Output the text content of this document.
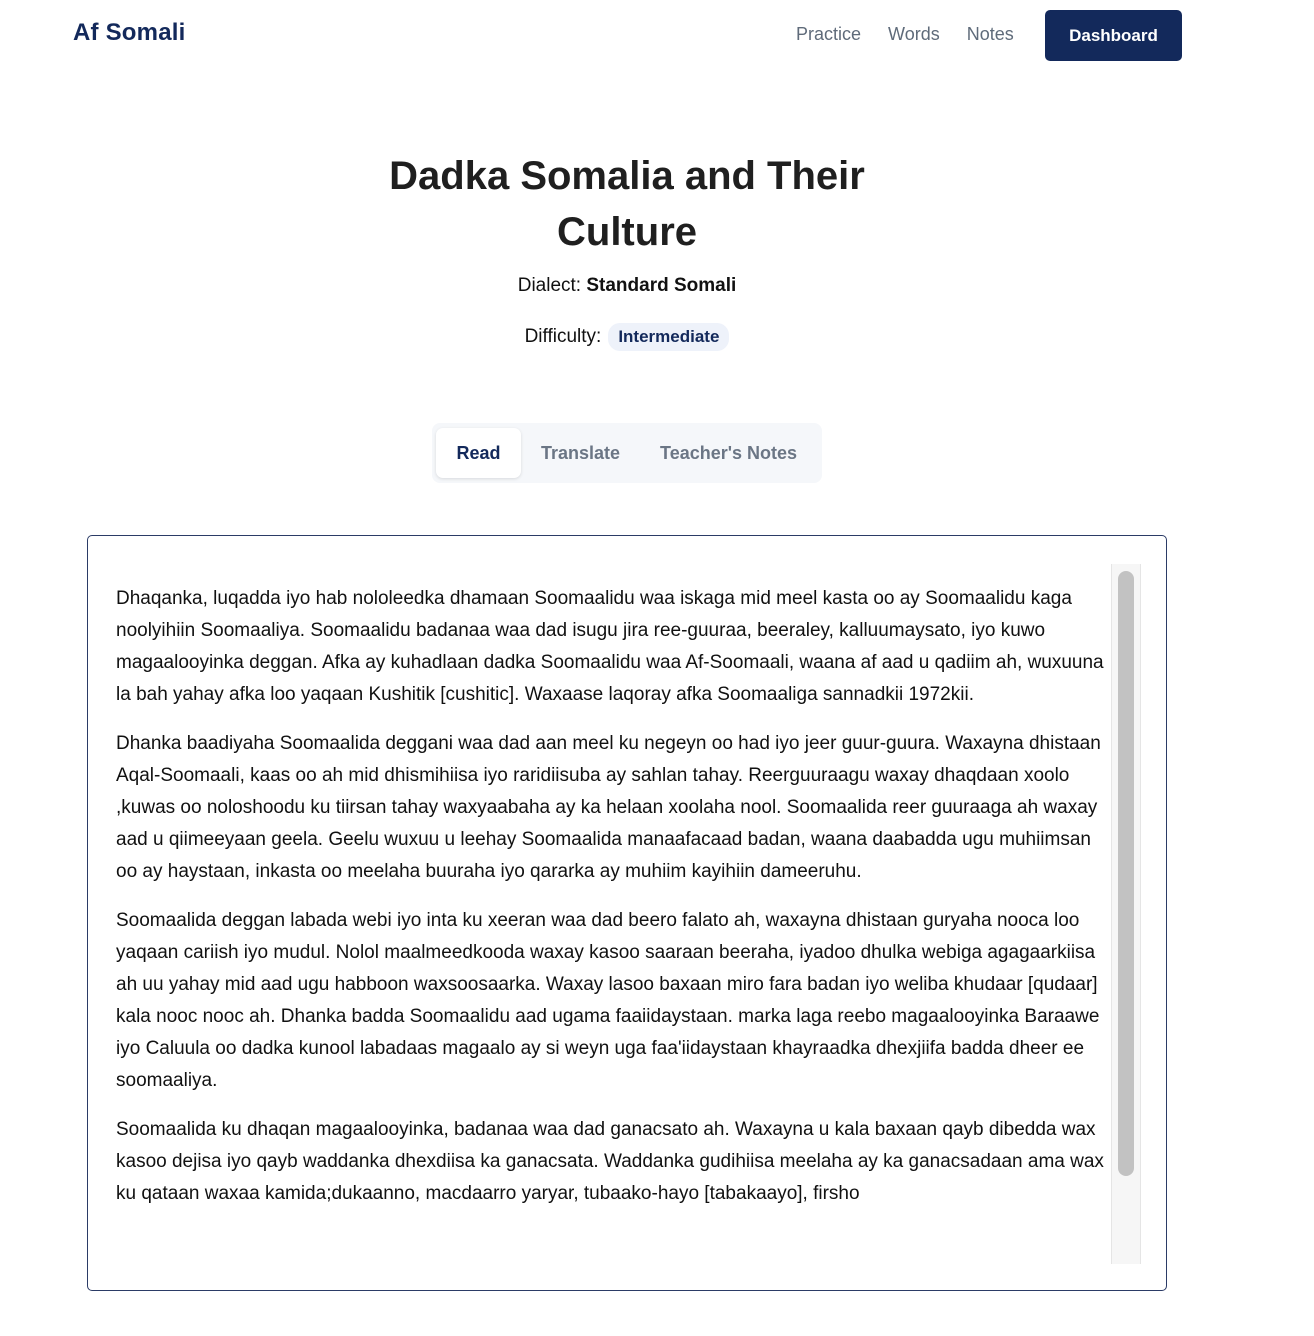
Af Somali	Practice Words Notes	Dashboard
Dadka Somalia and Their
Culture
Dialect: Standard Somali
Difficulty:	Intermediate
Read	Translate	Teacher's Notes

Dhaqanka, luqadda iyo hab nololeedka dhamaan Soomaalidu waa iskaga mid meel kasta oo ay Soomaalidu kaga noolyihiin Soomaaliya. Soomaalidu badanaa waa dad isugu jira ree-guuraa, beeraley, kalluumaysato, iyo kuwo magaalooyinka deggan. Afka ay kuhadlaan dadka Soomaalidu waa Af-Soomaali, waana af aad u qadiim ah, wuxuuna la bah yahay afka loo yaqaan Kushitik [cushitic]. Waxaase laqoray afka Soomaaliga sannadkii 1972kii.

Dhanka baadiyaha Soomaalida deggani waa dad aan meel ku negeyn oo had iyo jeer guur-guura. Waxayna dhistaan Aqal-Soomaali, kaas oo ah mid dhismihiisa iyo raridiisuba ay sahlan tahay. Reerguuraagu waxay dhaqdaan xoolo ,kuwas oo noloshoodu ku tiirsan tahay waxyaabaha ay ka helaan xoolaha nool. Soomaalida reer guuraaga ah waxay aad u qiimeeyaan geela. Geelu wuxuu u leehay Soomaalida manaafacaad badan, waana daabadda ugu muhiimsan oo ay haystaan, inkasta oo meelaha buuraha iyo qararka ay muhiim kayihiin dameeruhu.

Soomaalida deggan labada webi iyo inta ku xeeran waa dad beero falato ah, waxayna dhistaan guryaha nooca loo yaqaan cariish iyo mudul. Nolol maalmeedkooda waxay kasoo saaraan beeraha, iyadoo dhulka webiga agagaarkiisa ah uu yahay mid aad ugu habboon waxsoosaarka. Waxay lasoo baxaan miro fara badan iyo weliba khudaar [qudaar] kala nooc nooc ah. Dhanka badda Soomaalidu aad ugama faaiidaystaan. marka laga reebo magaalooyinka Baraawe iyo Caluula oo dadka kunool labadaas magaalo ay si weyn uga faa'iidaystaan khayraadka dhexjiifa badda dheer ee soomaaliya.

Soomaalida ku dhaqan magaalooyinka, badanaa waa dad ganacsato ah. Waxayna u kala baxaan qayb dibedda wax kasoo dejisa iyo qayb waddanka dhexdiisa ka ganacsata. Waddanka gudihiisa meelaha ay ka ganacsadaan ama wax ku qataan waxaa kamida;dukaanno, macdaarro yaryar, tubaako-hayo [tabakaayo], firsho
